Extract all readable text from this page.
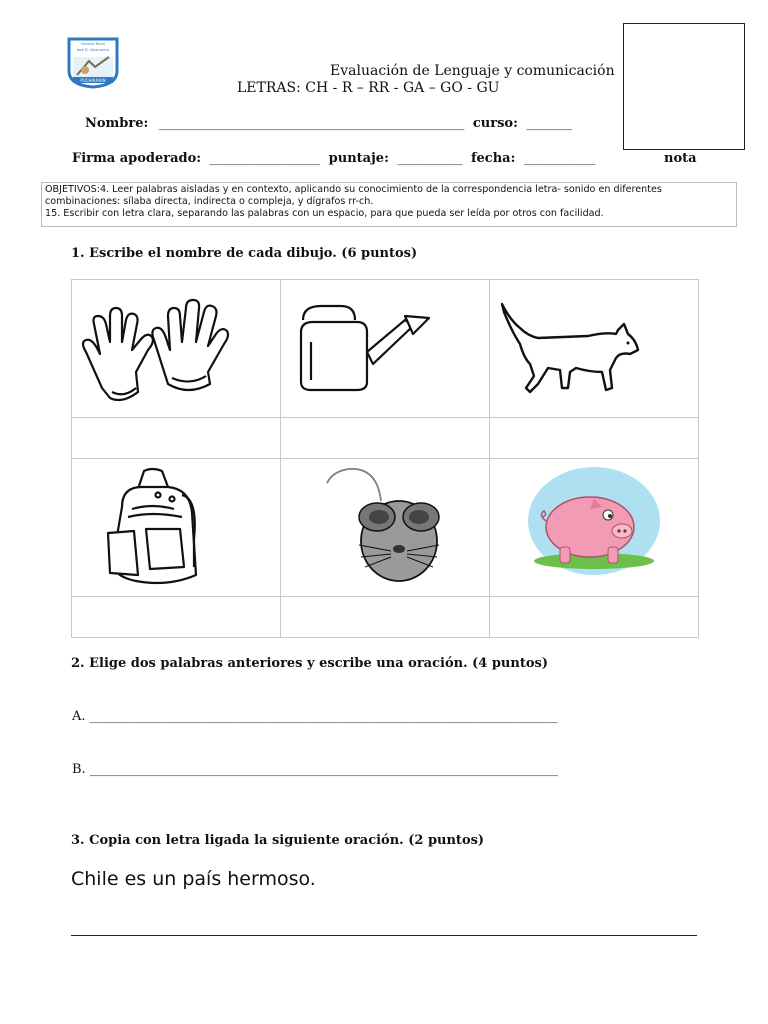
Escuela Rural
José D. Salamanca
PUCHAURAN
Evaluación de Lenguaje y comunicación
LETRAS: CH - R – RR - GA – GO - GU
Nombre: _______________________________________________ curso: _______
Firma apoderado: _________________ puntaje: __________ fecha: ___________	nota
OBJETIVOS:4. Leer palabras aisladas y en contexto, aplicando su conocimiento de la correspondencia letra- sonido en diferentes
combinaciones: sílaba directa, indirecta o compleja, y dígrafos rr-ch.
15. Escribir con letra clara, separando las palabras con un espacio, para que pueda ser leída por otros con facilidad.
1. Escribe el nombre de cada dibujo. (6 puntos)

2. Elige dos palabras anteriores y escribe una oración. (4 puntos)
A. ________________________________________________________________________
B. ________________________________________________________________________
3. Copia con letra ligada la siguiente oración. (2 puntos)
Chile es un país hermoso.
